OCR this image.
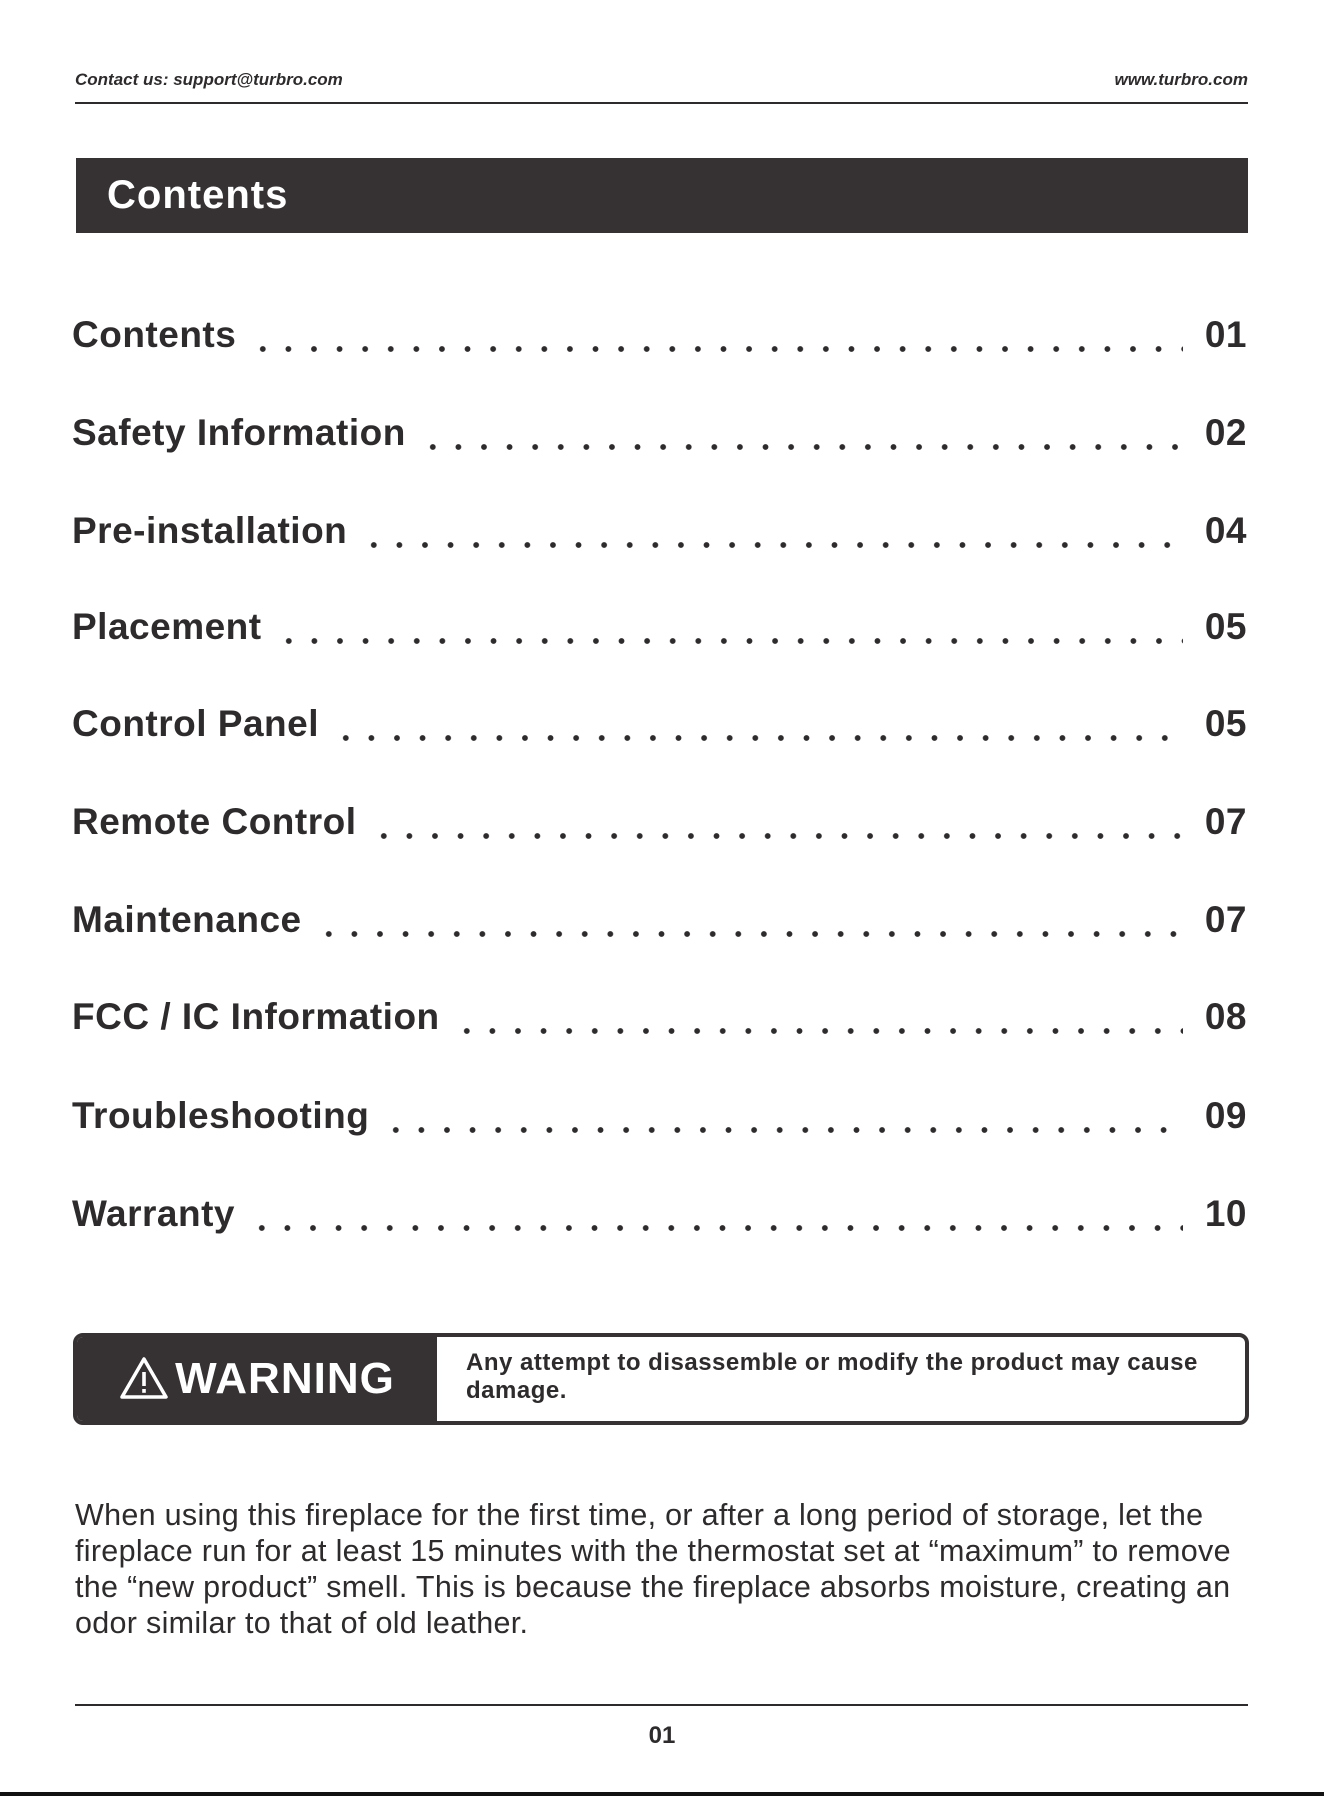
Contact us: support@turbro.com	www.turbro.com
Contents
Contents	01
Safety Information	02
Pre-installation	04
Placement	05
Control Panel	05
Remote Control	07
Maintenance	07
FCC / IC Information	08
Troubleshooting	09
Warranty	10
WARNING	Any attempt to disassemble or modify the product may cause damage.
When using this fireplace for the first time, or after a long period of storage, let the fireplace run for at least 15 minutes with the thermostat set at “maximum” to remove the “new product” smell. This is because the fireplace absorbs moisture, creating an odor similar to that of old leather.
01
